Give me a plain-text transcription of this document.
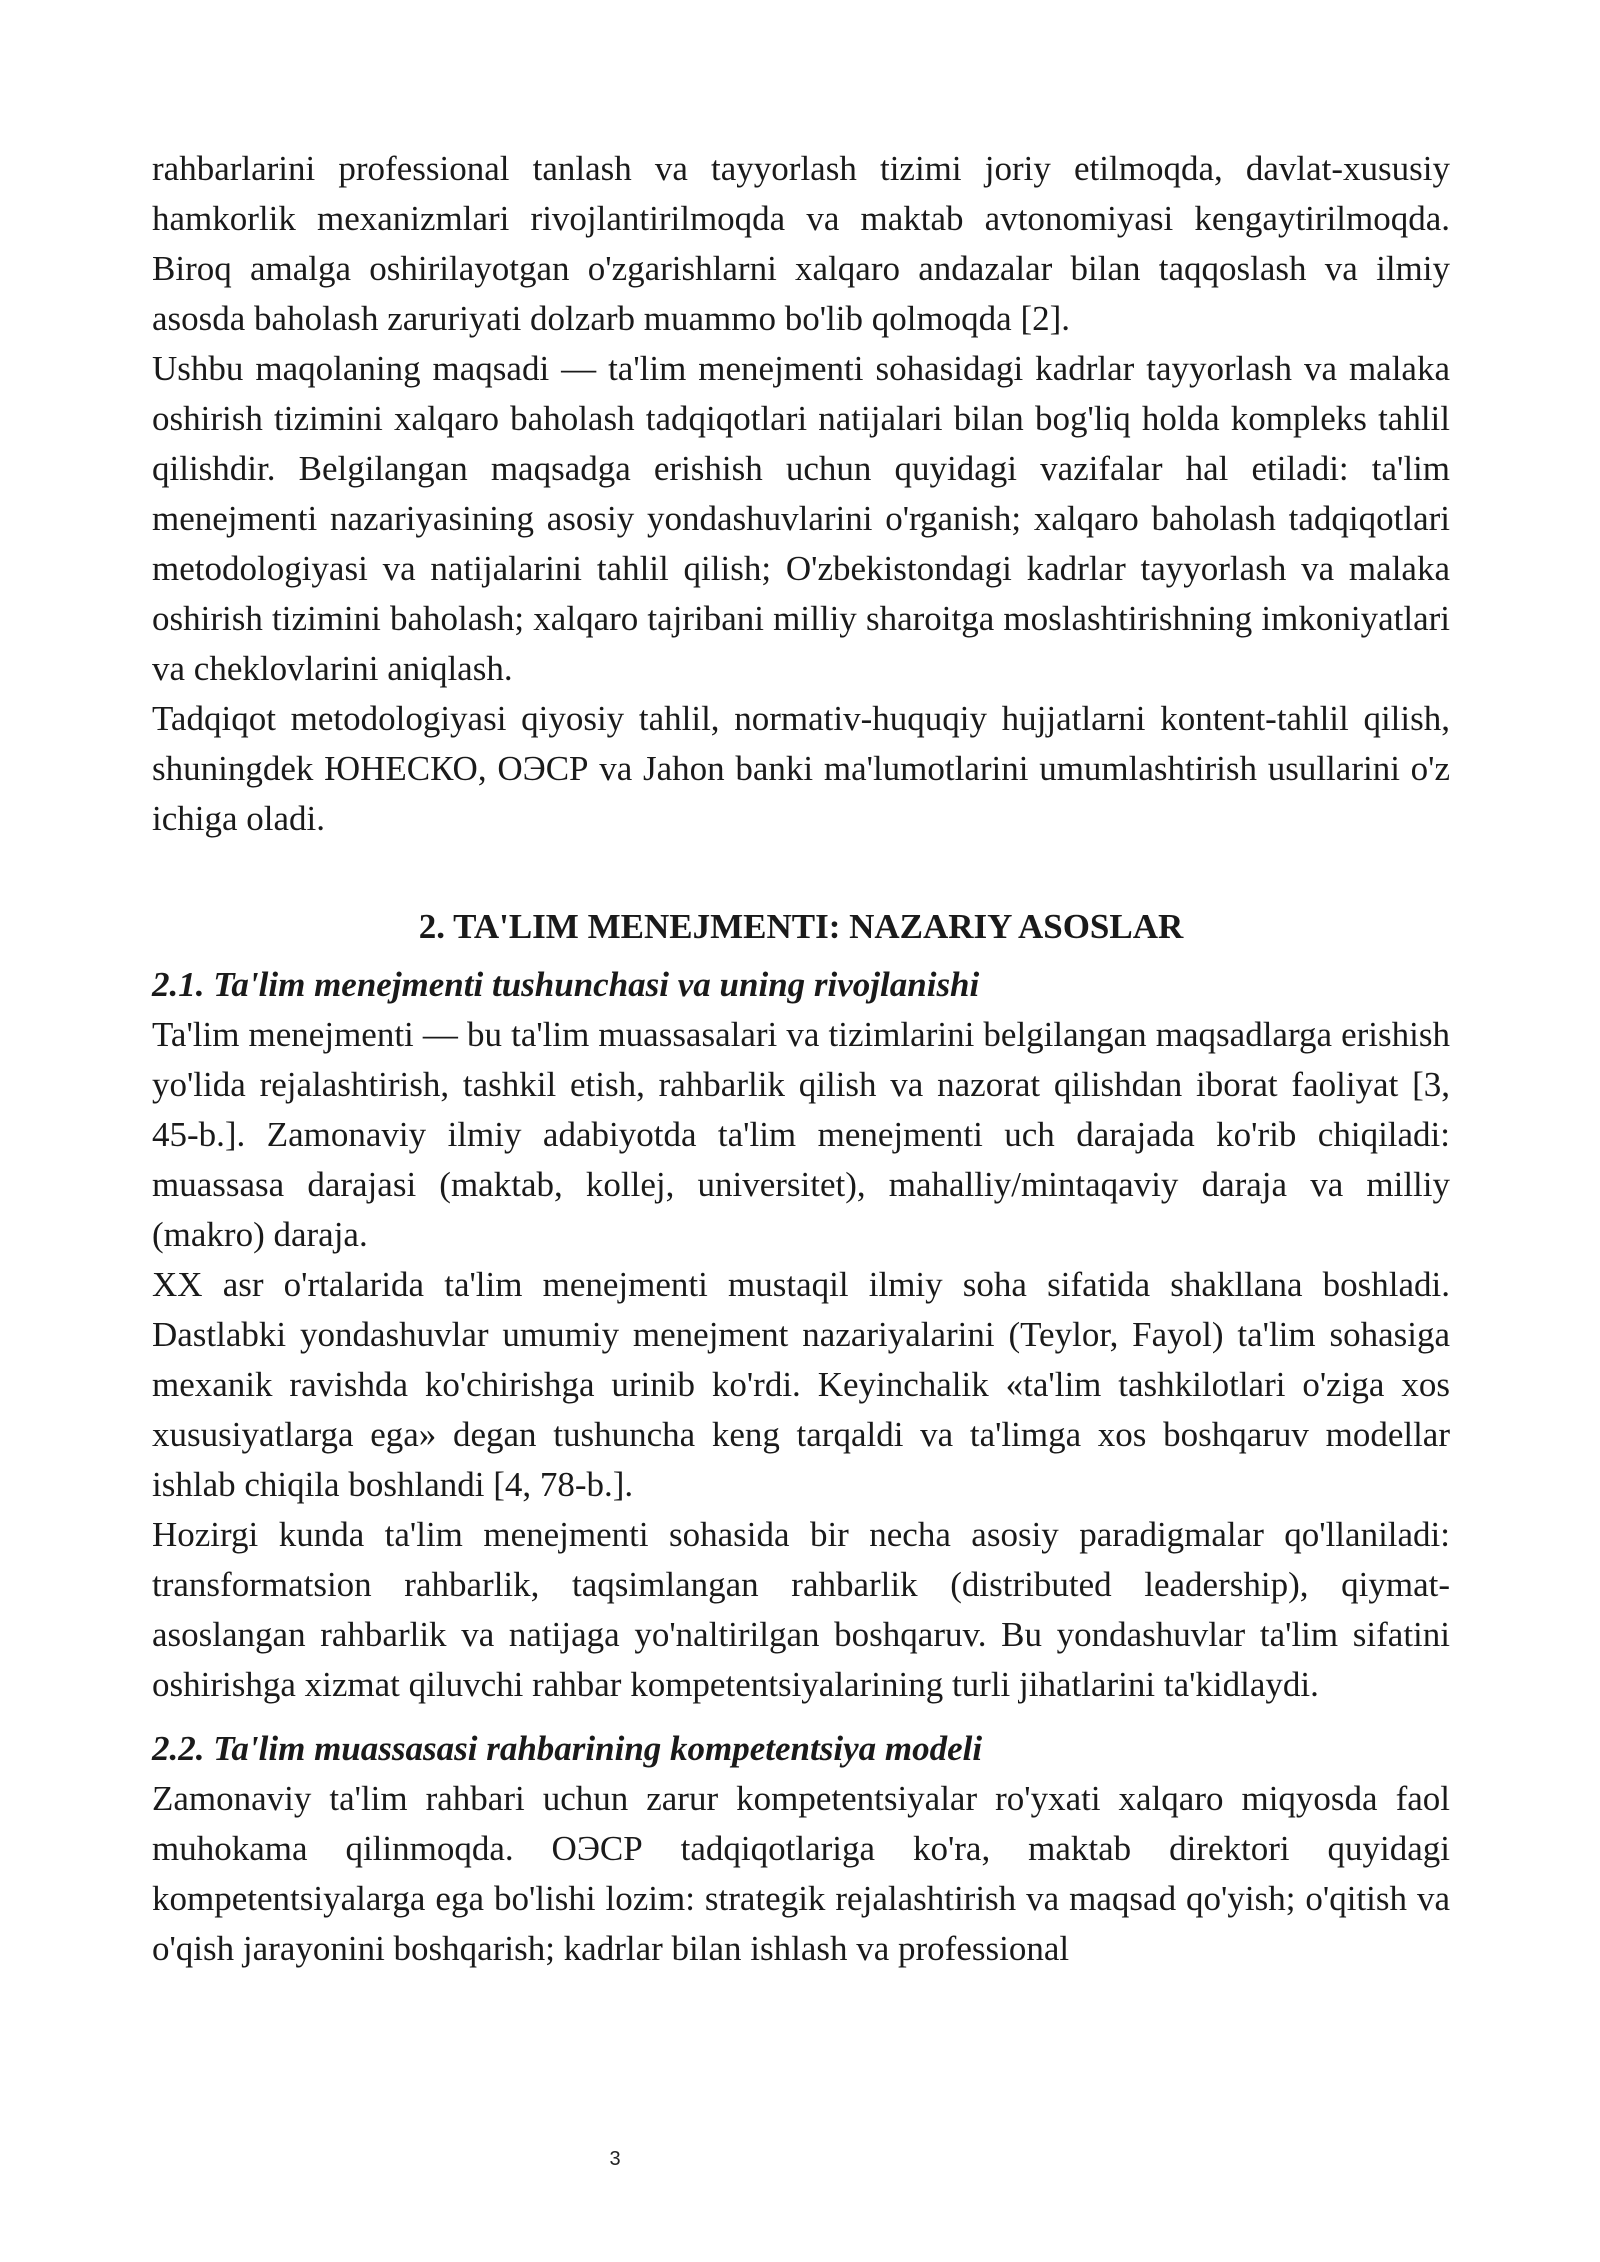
rahbarlarini professional tanlash va tayyorlash tizimi joriy etilmoqda, davlat-xususiy hamkorlik mexanizmlari rivojlantirilmoqda va maktab avtonomiyasi kengaytirilmoqda. Biroq amalga oshirilayotgan o'zgarishlarni xalqaro andazalar bilan taqqoslash va ilmiy asosda baholash zaruriyati dolzarb muammo bo'lib qolmoqda [2].

Ushbu maqolaning maqsadi — ta'lim menejmenti sohasidagi kadrlar tayyorlash va malaka oshirish tizimini xalqaro baholash tadqiqotlari natijalari bilan bog'liq holda kompleks tahlil qilishdir. Belgilangan maqsadga erishish uchun quyidagi vazifalar hal etiladi: ta'lim menejmenti nazariyasining asosiy yondashuvlarini o'rganish; xalqaro baholash tadqiqotlari metodologiyasi va natijalarini tahlil qilish; O'zbekistondagi kadrlar tayyorlash va malaka oshirish tizimini baholash; xalqaro tajribani milliy sharoitga moslashtirishning imkoniyatlari va cheklovlarini aniqlash.

Tadqiqot metodologiyasi qiyosiy tahlil, normativ-huquqiy hujjatlarni kontent-tahlil qilish, shuningdek ЮНЕСКО, ОЭСР va Jahon banki ma'lumotlarini umumlashtirish usullarini o'z ichiga oladi.

2. TA'LIM MENEJMENTI: NAZARIY ASOSLAR
2.1. Ta'lim menejmenti tushunchasi va uning rivojlanishi

Ta'lim menejmenti — bu ta'lim muassasalari va tizimlarini belgilangan maqsadlarga erishish yo'lida rejalashtirish, tashkil etish, rahbarlik qilish va nazorat qilishdan iborat faoliyat [3, 45-b.]. Zamonaviy ilmiy adabiyotda ta'lim menejmenti uch darajada ko'rib chiqiladi: muassasa darajasi (maktab, kollej, universitet), mahalliy/mintaqaviy daraja va milliy (makro) daraja.

XX asr o'rtalarida ta'lim menejmenti mustaqil ilmiy soha sifatida shakllana boshladi. Dastlabki yondashuvlar umumiy menejment nazariyalarini (Teylor, Fayol) ta'lim sohasiga mexanik ravishda ko'chirishga urinib ko'rdi. Keyinchalik «ta'lim tashkilotlari o'ziga xos xususiyatlarga ega» degan tushuncha keng tarqaldi va ta'limga xos boshqaruv modellar ishlab chiqila boshlandi [4, 78-b.].

Hozirgi kunda ta'lim menejmenti sohasida bir necha asosiy paradigmalar qo'llaniladi: transformatsion rahbarlik, taqsimlangan rahbarlik (distributed leadership), qiymat-asoslangan rahbarlik va natijaga yo'naltirilgan boshqaruv. Bu yondashuvlar ta'lim sifatini oshirishga xizmat qiluvchi rahbar kompetentsiyalarining turli jihatlarini ta'kidlaydi.

2.2. Ta'lim muassasasi rahbarining kompetentsiya modeli

Zamonaviy ta'lim rahbari uchun zarur kompetentsiyalar ro'yxati xalqaro miqyosda faol muhokama qilinmoqda. ОЭСР tadqiqotlariga ko'ra, maktab direktori quyidagi kompetentsiyalarga ega bo'lishi lozim: strategik rejalashtirish va maqsad qo'yish; o'qitish va o'qish jarayonini boshqarish; kadrlar bilan ishlash va professional

3
